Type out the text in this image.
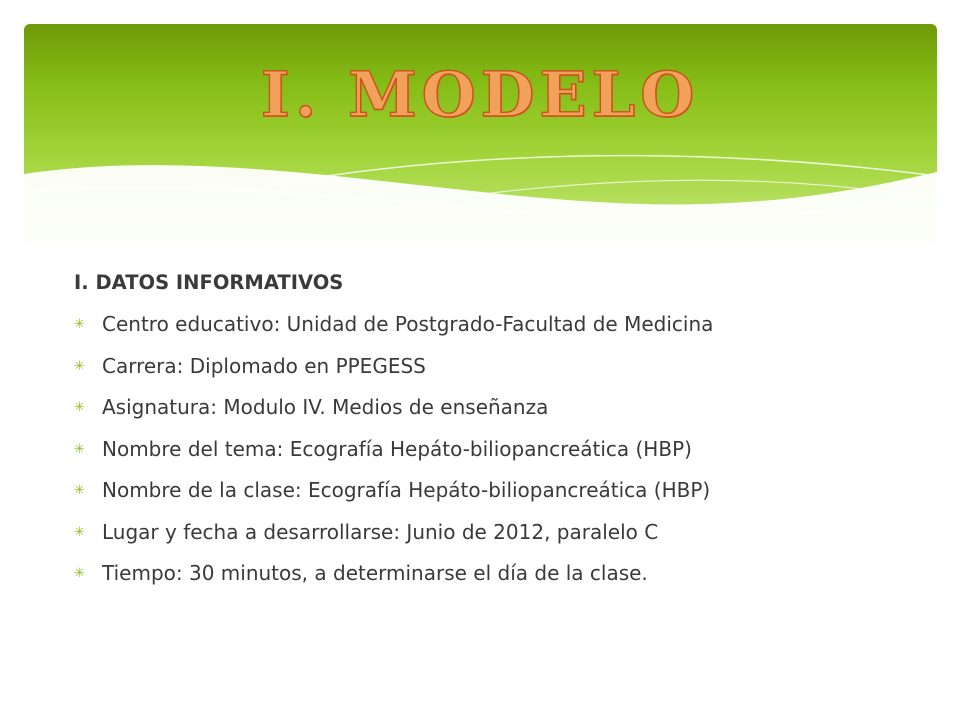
I. MODELO
I. DATOS INFORMATIVOS
✳ Centro educativo: Unidad de Postgrado-Facultad de Medicina
✳ Carrera: Diplomado en PPEGESS
✳ Asignatura: Modulo IV. Medios de enseñanza
✳ Nombre del tema: Ecografía Hepáto-biliopancreática (HBP)
✳ Nombre de la clase: Ecografía Hepáto-biliopancreática (HBP)
✳ Lugar y fecha a desarrollarse: Junio de 2012, paralelo C
✳ Tiempo: 30 minutos, a determinarse el día de la clase.
